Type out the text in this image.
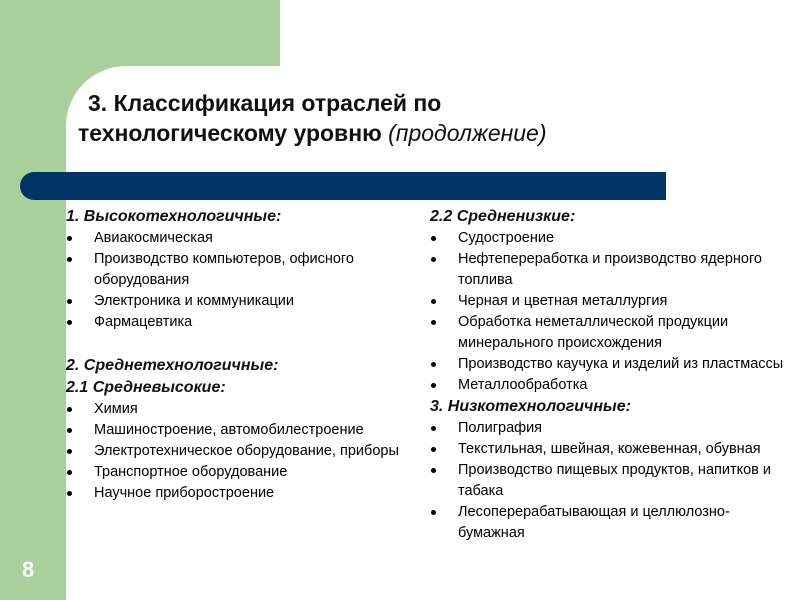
3. Классификация отраслей по
технологическому уровню (продолжение)
1. Высокотехнологичные:
Авиакосмическая
Производство компьютеров, офисного оборудования
Электроника и коммуникации
Фармацевтика
2. Среднетехнологичные:
2.1 Средневысокие:
Химия
Машиностроение, автомобилестроение
Электротехническое оборудование, приборы
Транспортное оборудование
Научное приборостроение
2.2 Средненизкие:
Судостроение
Нефтепереработка и производство ядерного топлива
Черная и цветная металлургия
Обработка неметаллической продукции минерального происхождения
Производство каучука и изделий из пластмассы
Металлообработка
3. Низкотехнологичные:
Полиграфия
Текстильная, швейная, кожевенная, обувная
Производство пищевых продуктов, напитков и табака
Лесоперерабатывающая и целлюлозно-бумажная
8
